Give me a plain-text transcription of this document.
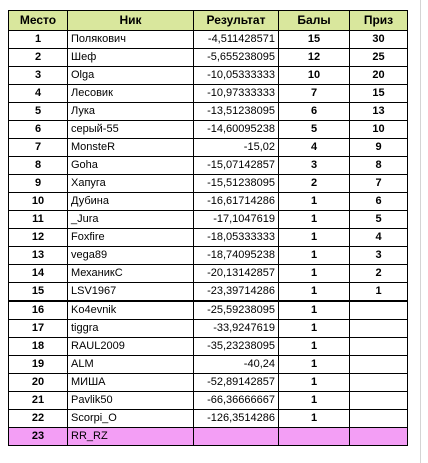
Место	Ник	Результат	Балы	Приз
1	Полякович	-4,511428571	15	30
2	Шеф	-5,655238095	12	25
3	Olga	-10,05333333	10	20
4	Лесовик	-10,97333333	7	15
5	Лука	-13,51238095	6	13
6	серый-55	-14,60095238	5	10
7	MonsteR	-15,02	4	9
8	Goha	-15,07142857	3	8
9	Хапуга	-15,51238095	2	7
10	Дубина	-16,61714286	1	6
11	_Jura	-17,1047619	1	5
12	Foxfire	-18,05333333	1	4
13	vega89	-18,74095238	1	3
14	МеханикС	-20,13142857	1	2
15	LSV1967	-23,39714286	1	1
16	Ko4evnik	-25,59238095	1	
17	tiggra	-33,9247619	1	
18	RAUL2009	-35,23238095	1	
19	ALM	-40,24	1	
20	МИША	-52,89142857	1	
21	Pavlik50	-66,36666667	1	
22	Scorpi_O	-126,3514286	1	
23	RR_RZ			
